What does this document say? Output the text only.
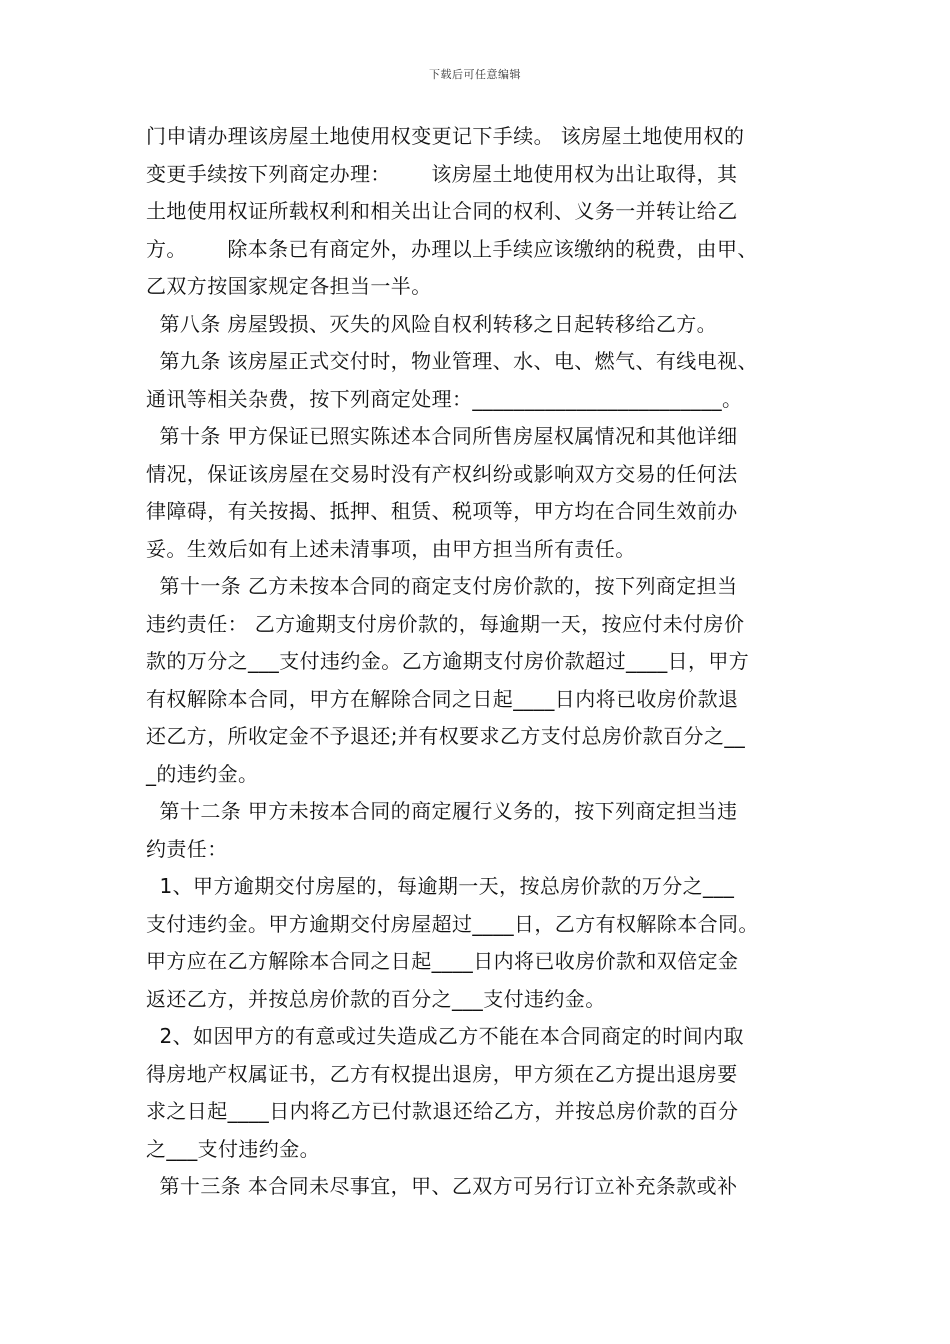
下载后可任意编辑
门申请办理该房屋土地使用权变更记下手续。 该房屋土地使用权的
变更手续按下列商定办理：      该房屋土地使用权为出让取得，其
土地使用权证所载权利和相关出让合同的权利、义务一并转让给乙
方。      除本条已有商定外，办理以上手续应该缴纳的税费，由甲、
乙双方按国家规定各担当一半。
第八条 房屋毁损、灭失的风险自权利转移之日起转移给乙方。
第九条 该房屋正式交付时，物业管理、水、电、燃气、有线电视、
通讯等相关杂费，按下列商定处理：________________________。
第十条 甲方保证已照实陈述本合同所售房屋权属情况和其他详细
情况，保证该房屋在交易时没有产权纠纷或影响双方交易的任何法
律障碍，有关按揭、抵押、租赁、税项等，甲方均在合同生效前办
妥。生效后如有上述未清事项，由甲方担当所有责任。
第十一条 乙方未按本合同的商定支付房价款的，按下列商定担当
违约责任： 乙方逾期支付房价款的，每逾期一天，按应付未付房价
款的万分之___支付违约金。乙方逾期支付房价款超过____日，甲方
有权解除本合同，甲方在解除合同之日起____日内将已收房价款退
还乙方，所收定金不予退还;并有权要求乙方支付总房价款百分之__
_的违约金。
第十二条 甲方未按本合同的商定履行义务的，按下列商定担当违
约责任：
1、甲方逾期交付房屋的，每逾期一天，按总房价款的万分之___
支付违约金。甲方逾期交付房屋超过____日，乙方有权解除本合同。
甲方应在乙方解除本合同之日起____日内将已收房价款和双倍定金
返还乙方，并按总房价款的百分之___支付违约金。
2、如因甲方的有意或过失造成乙方不能在本合同商定的时间内取
得房地产权属证书，乙方有权提出退房，甲方须在乙方提出退房要
求之日起____日内将乙方已付款退还给乙方，并按总房价款的百分
之___支付违约金。
第十三条 本合同未尽事宜，甲、乙双方可另行订立补充条款或补
